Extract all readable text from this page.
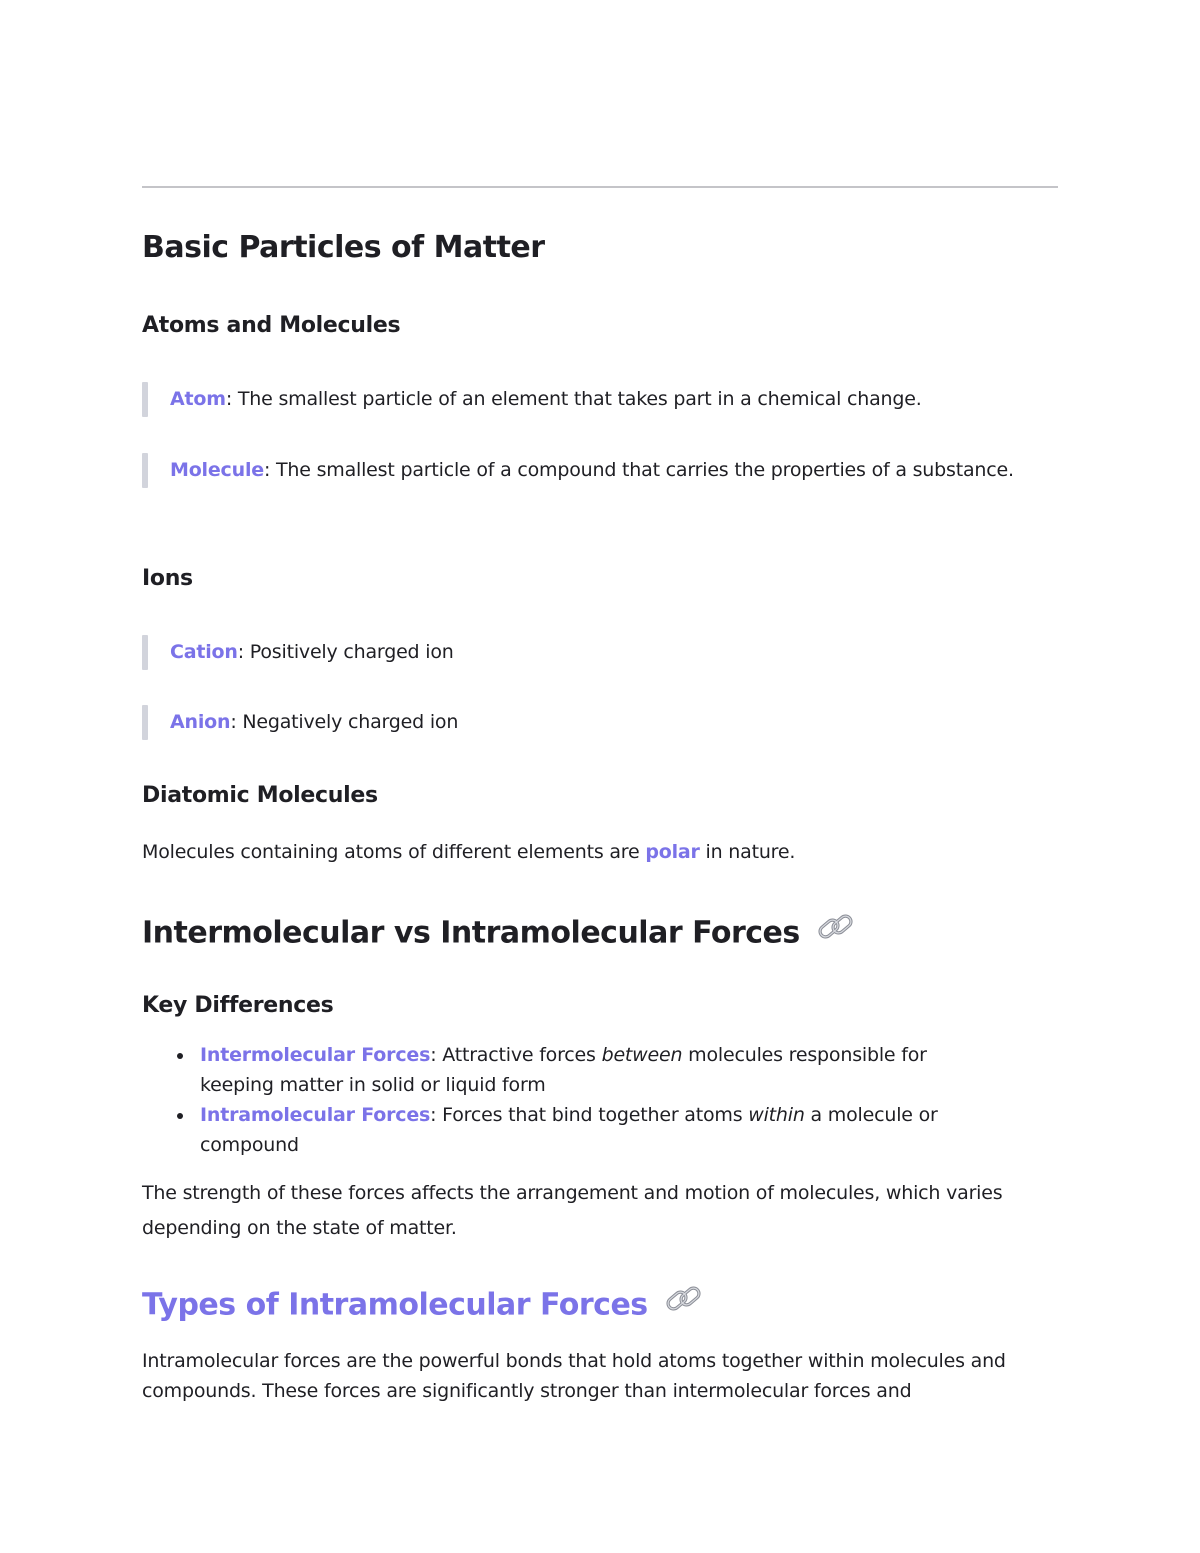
Basic Particles of Matter
Atoms and Molecules
Atom: The smallest particle of an element that takes part in a chemical change.
Molecule: The smallest particle of a compound that carries the properties of a substance.
Ions
Cation: Positively charged ion
Anion: Negatively charged ion
Diatomic Molecules
Molecules containing atoms of different elements are polar in nature.
Intermolecular vs Intramolecular Forces
Key Differences
Intermolecular Forces: Attractive forces between molecules responsible for keeping matter in solid or liquid form
Intramolecular Forces: Forces that bind together atoms within a molecule or compound
The strength of these forces affects the arrangement and motion of molecules, which varies depending on the state of matter.
Types of Intramolecular Forces
Intramolecular forces are the powerful bonds that hold atoms together within molecules and compounds. These forces are significantly stronger than intermolecular forces and
